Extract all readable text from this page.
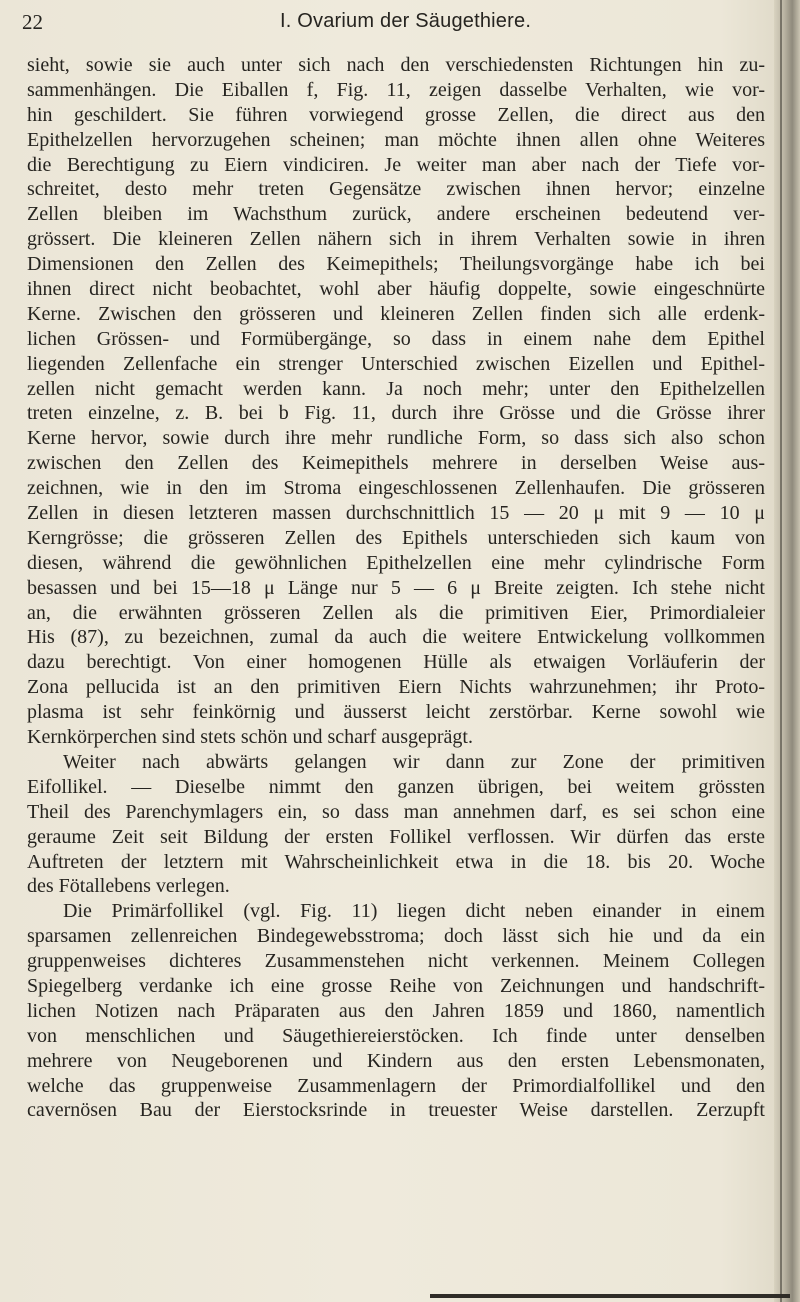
22	I. Ovarium der Säugethiere.
sieht, sowie sie auch unter sich nach den verschiedensten Richtungen hin zu-
sammenhängen. Die Eiballen f, Fig. 11, zeigen dasselbe Verhalten, wie vor-
hin geschildert. Sie führen vorwiegend grosse Zellen, die direct aus den
Epithelzellen hervorzugehen scheinen; man möchte ihnen allen ohne Weiteres
die Berechtigung zu Eiern vindiciren. Je weiter man aber nach der Tiefe vor-
schreitet, desto mehr treten Gegensätze zwischen ihnen hervor; einzelne
Zellen bleiben im Wachsthum zurück, andere erscheinen bedeutend ver-
grössert. Die kleineren Zellen nähern sich in ihrem Verhalten sowie in ihren
Dimensionen den Zellen des Keimepithels; Theilungsvorgänge habe ich bei
ihnen direct nicht beobachtet, wohl aber häufig doppelte, sowie eingeschnürte
Kerne. Zwischen den grösseren und kleineren Zellen finden sich alle erdenk-
lichen Grössen- und Formübergänge, so dass in einem nahe dem Epithel
liegenden Zellenfache ein strenger Unterschied zwischen Eizellen und Epithel-
zellen nicht gemacht werden kann. Ja noch mehr; unter den Epithelzellen
treten einzelne, z. B. bei b Fig. 11, durch ihre Grösse und die Grösse ihrer
Kerne hervor, sowie durch ihre mehr rundliche Form, so dass sich also schon
zwischen den Zellen des Keimepithels mehrere in derselben Weise aus-
zeichnen, wie in den im Stroma eingeschlossenen Zellenhaufen. Die grösseren
Zellen in diesen letzteren massen durchschnittlich 15 — 20 μ mit 9 — 10 μ
Kerngrösse; die grösseren Zellen des Epithels unterschieden sich kaum von
diesen, während die gewöhnlichen Epithelzellen eine mehr cylindrische Form
besassen und bei 15—18 μ Länge nur 5 — 6 μ Breite zeigten. Ich stehe nicht
an, die erwähnten grösseren Zellen als die primitiven Eier, Primordialeier
His (87), zu bezeichnen, zumal da auch die weitere Entwickelung vollkommen
dazu berechtigt. Von einer homogenen Hülle als etwaigen Vorläuferin der
Zona pellucida ist an den primitiven Eiern Nichts wahrzunehmen; ihr Proto-
plasma ist sehr feinkörnig und äusserst leicht zerstörbar. Kerne sowohl wie
Kernkörperchen sind stets schön und scharf ausgeprägt.
Weiter nach abwärts gelangen wir dann zur Zone der primitiven
Eifollikel. — Dieselbe nimmt den ganzen übrigen, bei weitem grössten
Theil des Parenchymlagers ein, so dass man annehmen darf, es sei schon eine
geraume Zeit seit Bildung der ersten Follikel verflossen. Wir dürfen das erste
Auftreten der letztern mit Wahrscheinlichkeit etwa in die 18. bis 20. Woche
des Fötallebens verlegen.
Die Primärfollikel (vgl. Fig. 11) liegen dicht neben einander in einem
sparsamen zellenreichen Bindegewebsstroma; doch lässt sich hie und da ein
gruppenweises dichteres Zusammenstehen nicht verkennen. Meinem Collegen
Spiegelberg verdanke ich eine grosse Reihe von Zeichnungen und handschrift-
lichen Notizen nach Präparaten aus den Jahren 1859 und 1860, namentlich
von menschlichen und Säugethiereierstöcken. Ich finde unter denselben
mehrere von Neugeborenen und Kindern aus den ersten Lebensmonaten,
welche das gruppenweise Zusammenlagern der Primordialfollikel und den
cavernösen Bau der Eierstocksrinde in treuester Weise darstellen. Zerzupft
